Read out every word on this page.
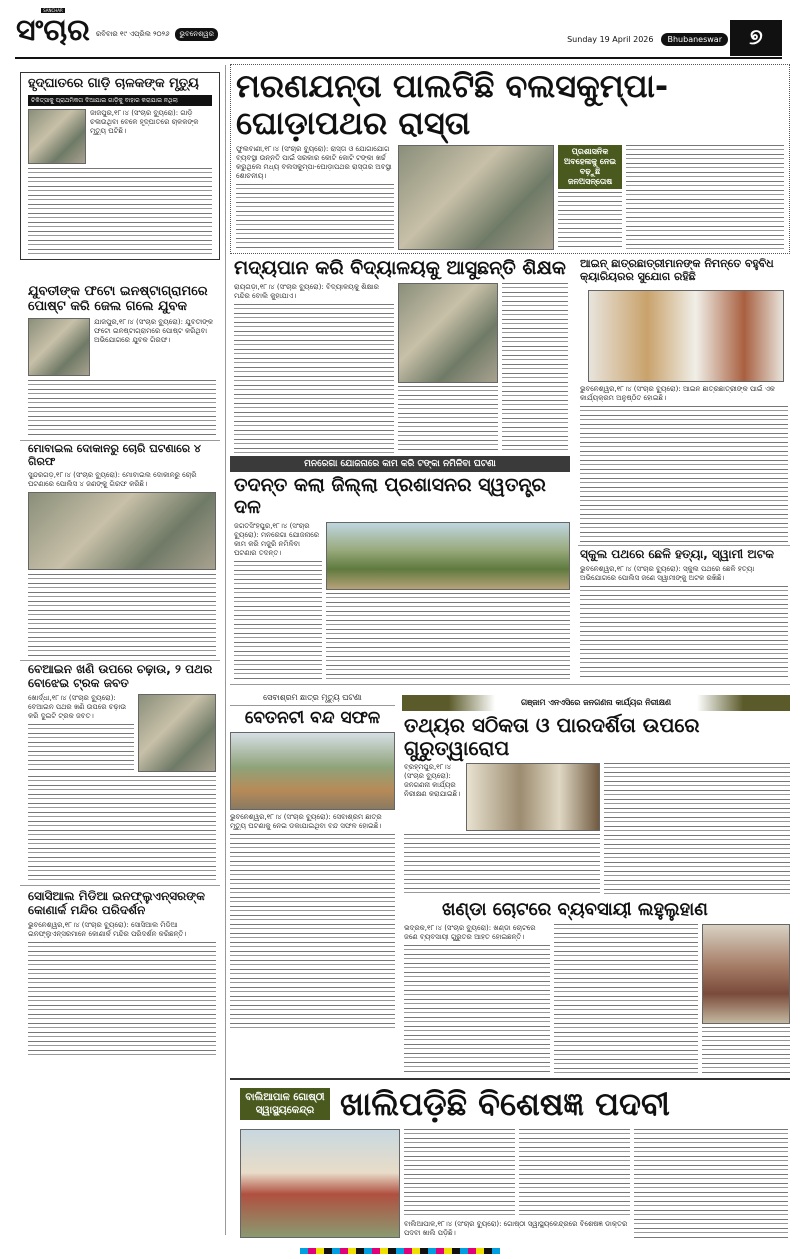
SANCHAR
ସଂଚାର ରବିବାର ୧୯ ଏପ୍ରିଲ ୨୦୨୬	ଭୁବନେଶ୍ୱର
Sunday 19 April 2026	Bhubaneswar	୭
ହୃଦ୍‌ଘାତରେ ଗାଡ଼ି ଚାଳକଙ୍କ ମୃତ୍ୟୁ
ଚିକିତ୍ସାକୁ ପ୍ରାଥମିକତା ଦିଆଯାଇ ଗାଡ଼ିକୁ ବାହାର କରାଯାଇ ନଥିଲା
ଜାଜପୁର,୧୮।୪ (ସଂଚାର ବ୍ୟୁରୋ): ଗାଡ଼ି ଚଳାଉଥିବା ବେଳେ ହୃଦ୍‌ଘାତରେ ଚାଳକଙ୍କ ମୃତ୍ୟୁ ଘଟିଛି।
ଯୁବତୀଙ୍କ ଫଟୋ ଇନଷ୍ଟାଗ୍ରାମରେ ପୋଷ୍ଟ କରି ଜେଲ ଗଲେ ଯୁବକ
ଯାଜପୁର,୧୮।୪ (ସଂଚାର ବ୍ୟୁରୋ): ଯୁବତୀଙ୍କ ଫଟୋ ଇନଷ୍ଟାଗ୍ରାମରେ ପୋଷ୍ଟ କରିଥିବା ଅଭିଯୋଗରେ ଯୁବକ ଗିରଫ।
ମୋବାଇଲ ଦୋକାନରୁ ଚୋରି ଘଟଣାରେ ୪ ଗିରଫ
ସୁନ୍ଦରଗଡ଼,୧୮।୪ (ସଂଚାର ବ୍ୟୁରୋ): ମୋବାଇଲ ଦୋକାନରୁ ଚୋରି ଘଟଣାରେ ପୋଲିସ ୪ ଜଣଙ୍କୁ ଗିରଫ କରିଛି।
ବେଆଇନ ଖଣି ଉପରେ ଚଢ଼ାଉ, ୨ ପଥର ବୋଝେଇ ଟ୍ରକ ଜବତ
ଖୋର୍ଦ୍ଧା,୧୮।୪ (ସଂଚାର ବ୍ୟୁରୋ): ବେଆଇନ ପଥର ଖଣି ଉପରେ ଚଢ଼ାଉ କରି ଦୁଇଟି ଟ୍ରକ ଜବତ।
ସୋସିଆଲ ମିଡିଆ ଇନଫ୍ଲୁଏନ୍ସରଙ୍କ କୋଣାର୍କ ମନ୍ଦିର ପରିଦର୍ଶନ
ଭୁବନେଶ୍ୱର,୧୮।୪ (ସଂଚାର ବ୍ୟୁରୋ): ସୋସିଆଲ ମିଡିଆ ଇନଫ୍ଲୁଏନ୍ସରମାନେ କୋଣାର୍କ ମନ୍ଦିର ପରିଦର୍ଶନ କରିଛନ୍ତି।
ମରଣଯନ୍ତା ପାଲଟିଛି ବଲସକୁମ୍ପା-ଘୋଡ଼ାପଥର ରାସ୍ତା
ଫୁଲବାଣୀ,୧୮।୪ (ସଂଚାର ବ୍ୟୁରୋ): ରାସ୍ତା ଓ ଯୋଗାଯୋଗ ବ୍ୟବସ୍ଥା ଉନ୍ନତି ପାଇଁ ସରକାର କୋଟି କୋଟି ଟଙ୍କା ଖର୍ଚ୍ଚ କରୁଥିଲେ ମଧ୍ୟ ବଲସକୁମ୍ପା-ଘୋଡ଼ାପଥର ରାସ୍ତାର ଅବସ୍ଥା ଶୋଚନୀୟ।
ପ୍ରଶାସନିକ ଅବହେଳାକୁ ନେଇ ବଢ଼ୁଛି ଜନଅସନ୍ତୋଷ
ମଦ୍ୟପାନ କରି ବିଦ୍ୟାଳୟକୁ ଆସୁଛନ୍ତି ଶିକ୍ଷକ
ରାୟଗଡ଼ା,୧୮।୪ (ସଂଚାର ବ୍ୟୁରୋ): ବିଦ୍ୟାଳୟକୁ ଶିକ୍ଷାର ମନ୍ଦିର ବୋଲି କୁହାଯାଏ।
ଆଇନ୍ ଛାତ୍ରଛାତ୍ରୀମାନଙ୍କ ନିମନ୍ତେ ବହୁବିଧ କ୍ୟାରିୟରର ସୁଯୋଗ ରହିଛି
ଭୁବନେଶ୍ୱର,୧୮।୪ (ସଂଚାର ବ୍ୟୁରୋ): ଆଇନ ଛାତ୍ରଛାତ୍ରୀଙ୍କ ପାଇଁ ଏକ କାର୍ଯ୍ୟକ୍ରମ ଅନୁଷ୍ଠିତ ହୋଇଛି।
ମନରେଗା ଯୋଜନାରେ କାମ କରି ଟଙ୍କା ନମିଳିବା ଘଟଣା
ତଦନ୍ତ କଲା ଜିଲ୍ଲା ପ୍ରଶାସନର ସ୍ୱତନ୍ତ୍ର ଦଳ
ଜଗତସିଂହପୁର,୧୮।୪ (ସଂଚାର ବ୍ୟୁରୋ): ମନରେଗା ଯୋଜନାରେ କାମ କରି ମଜୁରି ନମିଳିବା ଘଟଣାର ତଦନ୍ତ।	ସ୍କୁଲ ପଥରେ ଛେଳି ହତ୍ୟା, ସ୍ୱାମୀ ଅଟକ
ଭୁବନେଶ୍ୱର,୧୮।୪ (ସଂଚାର ବ୍ୟୁରୋ): ସ୍କୁଲ ପଥରେ ଛେଳି ହତ୍ୟା ଅଭିଯୋଗରେ ପୋଲିସ ଜଣେ ସ୍ୱାମୀଙ୍କୁ ଅଟକ ରଖିଛି।
ସେବାଶ୍ରମ ଛାତ୍ର ମୃତ୍ୟୁ ଘଟଣା
ବେତନଟୀ ବନ୍ଦ ସଫଳ
ଭୁବନେଶ୍ୱର,୧୮।୪ (ସଂଚାର ବ୍ୟୁରୋ): ସେବାଶ୍ରମ ଛାତ୍ର ମୃତ୍ୟୁ ଘଟଣାକୁ ନେଇ ଡକାଯାଇଥିବା ବନ୍ଦ ସଫଳ ହୋଇଛି।
ଗଞ୍ଜାମ ଏନଏସିରେ ଜନଗଣନା କାର୍ଯ୍ୟର ନିରୀକ୍ଷଣ
ତଥ୍ୟର ସଠିକତା ଓ ପାରଦର୍ଶିତା ଉପରେ ଗୁରୁତ୍ୱାରୋପ
ବ୍ରହ୍ମପୁର,୧୮।୪ (ସଂଚାର ବ୍ୟୁରୋ): ଜନଗଣନା କାର୍ଯ୍ୟର ନିରୀକ୍ଷଣ କରାଯାଇଛି।
ଖଣ୍ଡା ଚୋଟରେ ବ୍ୟବସାୟୀ ଲହୁଲୁହାଣ
ଭଦ୍ରକ,୧୮।୪ (ସଂଚାର ବ୍ୟୁରୋ): ଖଣ୍ଡା ଚୋଟରେ ଜଣେ ବ୍ୟବସାୟୀ ଗୁରୁତର ଆହତ ହୋଇଛନ୍ତି।
ବାଲିଆପାଳ ଗୋଷ୍ଠୀ ସ୍ୱାସ୍ଥ୍ୟକେନ୍ଦ୍ର ଖାଲିପଡ଼ିଛି ବିଶେଷଜ୍ଞ ପଦବୀ
ବାଲିଆପାଳ,୧୮।୪ (ସଂଚାର ବ୍ୟୁରୋ): ଗୋଷ୍ଠୀ ସ୍ୱାସ୍ଥ୍ୟକେନ୍ଦ୍ରରେ ବିଶେଷଜ୍ଞ ଡାକ୍ତର ପଦବୀ ଖାଲି ପଡ଼ିଛି।
